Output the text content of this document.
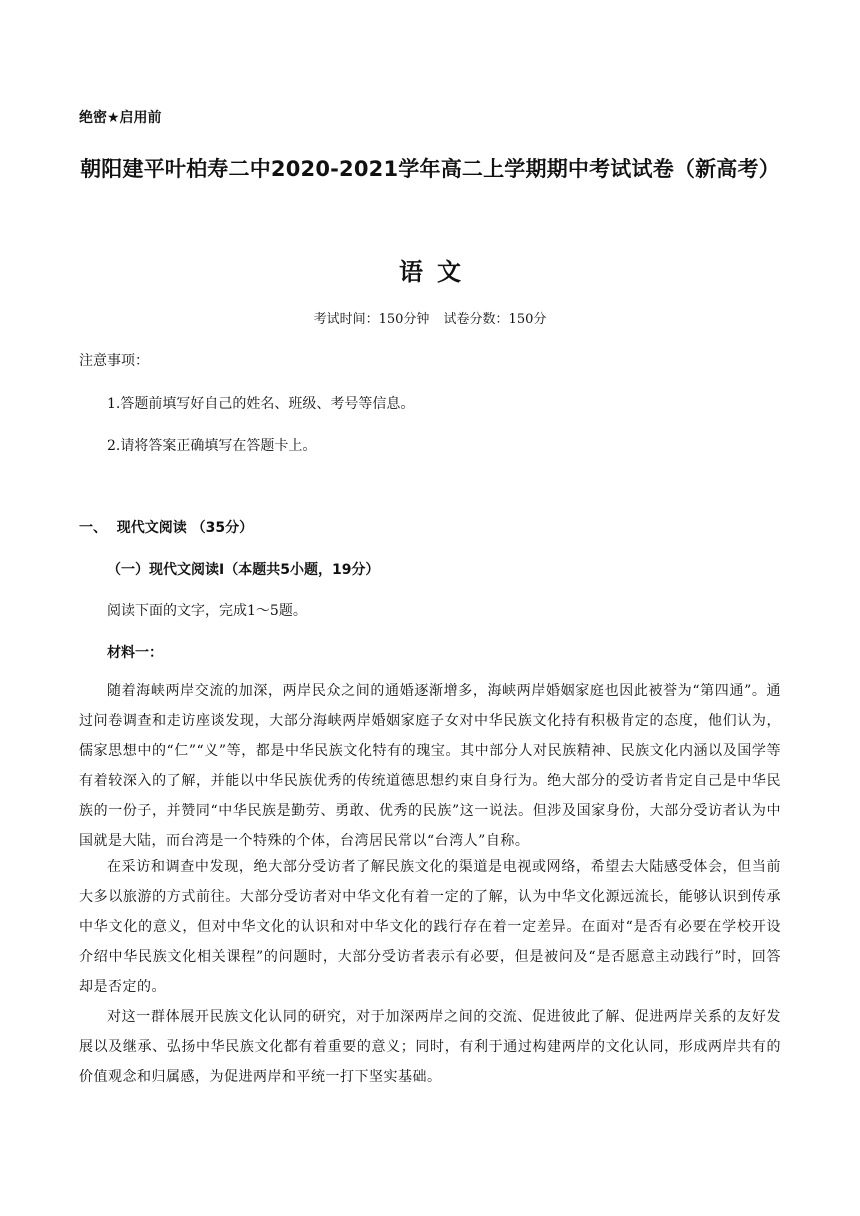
绝密★启用前
朝阳建平叶柏寿二中2020-2021学年高二上学期期中考试试卷（新高考）
语文
考试时间：150分钟 试卷分数：150分
注意事项：
1.答题前填写好自己的姓名、班级、考号等信息。
2.请将答案正确填写在答题卡上。
一、  现代文阅读 （35分）
（一）现代文阅读Ⅰ（本题共5小题，19分）
阅读下面的文字，完成1～5题。
材料一：
随着海峡两岸交流的加深，两岸民众之间的通婚逐渐增多，海峡两岸婚姻家庭也因此被誉为“第四通”。通过问卷调查和走访座谈发现，大部分海峡两岸婚姻家庭子女对中华民族文化持有积极肯定的态度，他们认为，儒家思想中的“仁”“义”等，都是中华民族文化特有的瑰宝。其中部分人对民族精神、民族文化内涵以及国学等有着较深入的了解，并能以中华民族优秀的传统道德思想约束自身行为。绝大部分的受访者肯定自己是中华民族的一份子，并赞同“中华民族是勤劳、勇敢、优秀的民族”这一说法。但涉及国家身份，大部分受访者认为中国就是大陆，而台湾是一个特殊的个体，台湾居民常以“台湾人”自称。
在采访和调查中发现，绝大部分受访者了解民族文化的渠道是电视或网络，希望去大陆感受体会，但当前大多以旅游的方式前往。大部分受访者对中华文化有着一定的了解，认为中华文化源远流长，能够认识到传承中华文化的意义，但对中华文化的认识和对中华文化的践行存在着一定差异。在面对“是否有必要在学校开设介绍中华民族文化相关课程”的问题时，大部分受访者表示有必要，但是被问及“是否愿意主动践行”时，回答却是否定的。
对这一群体展开民族文化认同的研究，对于加深两岸之间的交流、促进彼此了解、促进两岸关系的友好发展以及继承、弘扬中华民族文化都有着重要的意义；同时，有利于通过构建两岸的文化认同，形成两岸共有的价值观念和归属感，为促进两岸和平统一打下坚实基础。
